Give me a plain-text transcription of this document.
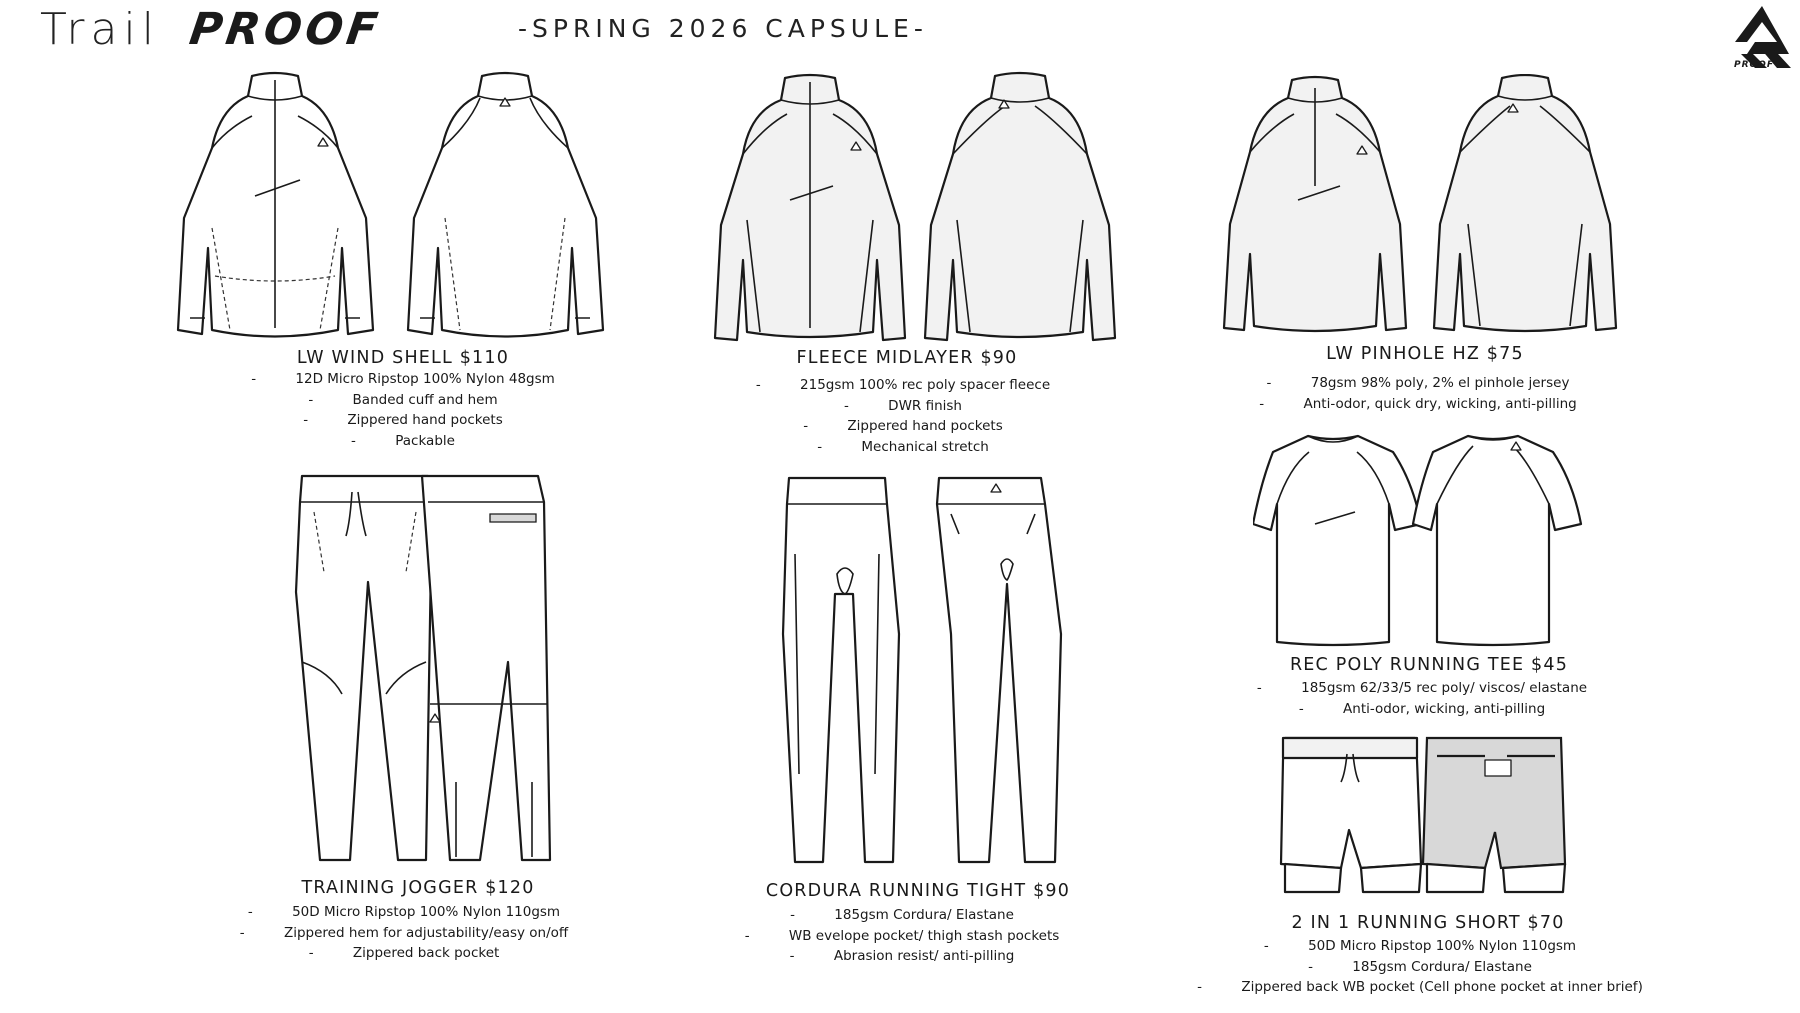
Trail PROOF	-SPRING 2026 CAPSULE-
PROOF
LW WIND SHELL $110
-	12D Micro Ripstop 100% Nylon 48gsm
-	Banded cuff and hem
-	Zippered hand pockets
-	Packable
FLEECE MIDLAYER $90
-	215gsm 100% rec poly spacer fleece
-	DWR finish
-	Zippered hand pockets
-	Mechanical stretch
LW PINHOLE HZ $75
-	78gsm 98% poly, 2% el pinhole jersey
-	Anti-odor, quick dry, wicking, anti-pilling
REC POLY RUNNING TEE $45
-	185gsm 62/33/5 rec poly/ viscos/ elastane
-	Anti-odor, wicking, anti-pilling
TRAINING JOGGER $120
-	50D Micro Ripstop 100% Nylon 110gsm
-	Zippered hem for adjustability/easy on/off
-	Zippered back pocket
CORDURA RUNNING TIGHT $90
-	185gsm Cordura/ Elastane
-	WB evelope pocket/ thigh stash pockets
-	Abrasion resist/ anti-pilling
2 IN 1 RUNNING SHORT $70
-	50D Micro Ripstop 100% Nylon 110gsm
-	185gsm Cordura/ Elastane
-	Zippered back WB pocket (Cell phone pocket at inner brief)
